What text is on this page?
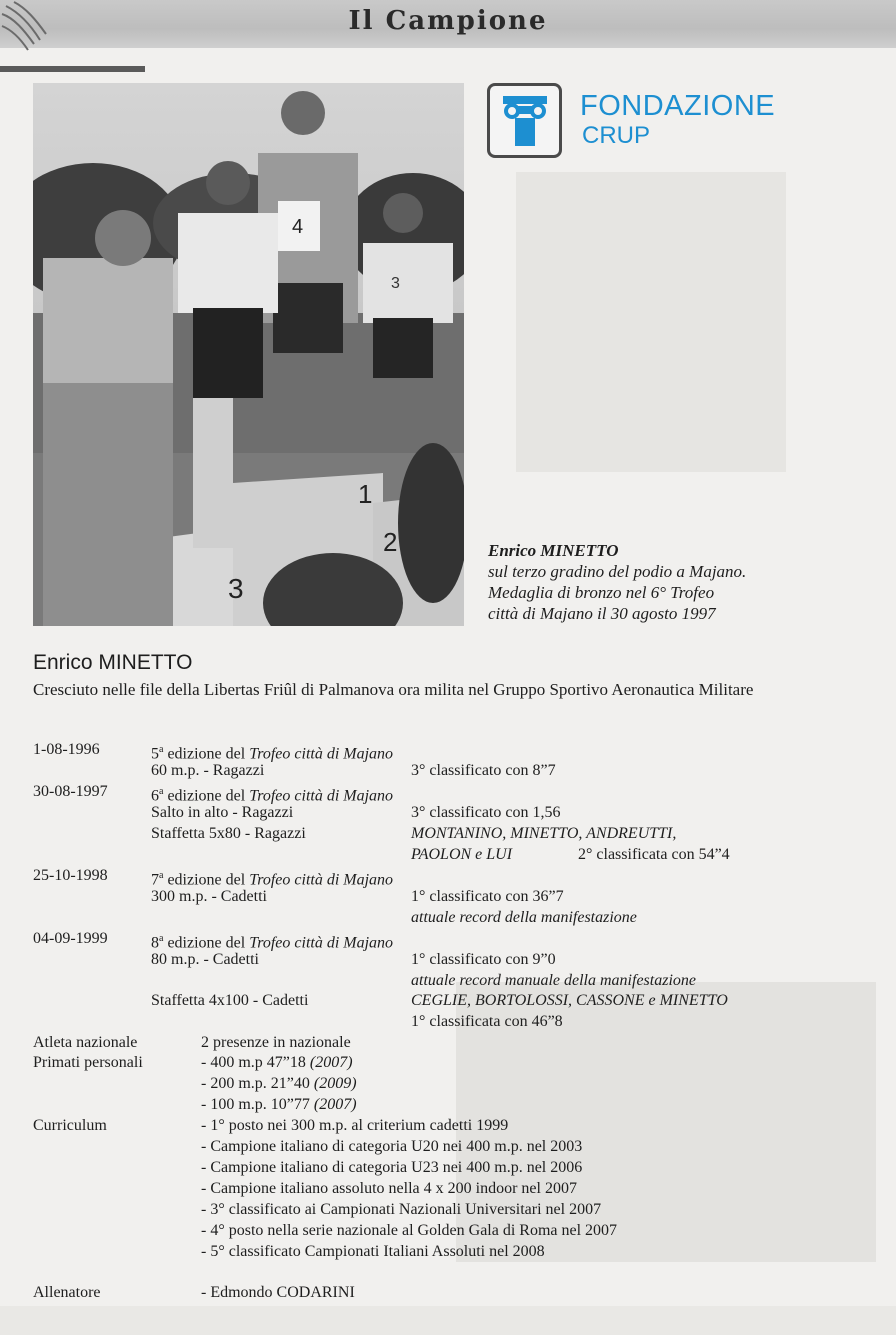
Il Campione
1
2
3
4
3
FONDAZIONE
CRUP
Enrico MINETTO
sul terzo gradino del podio a Majano.
Medaglia di bronzo nel 6° Trofeo
città di Majano il 30 agosto 1997
Enrico MINETTO
Cresciuto nelle file della Libertas Friûl di Palmanova ora milita nel Gruppo Sportivo Aeronautica Militare
1-08-1996	5$^a$ edizione del Trofeo città di Majano
60 m.p. - Ragazzi	3° classificato con 8”7
30-08-1997	6$^a$ edizione del Trofeo città di Majano
Salto in alto - Ragazzi	3° classificato con 1,56
Staffetta 5x80 - Ragazzi	MONTANINO, MINETTO, ANDREUTTI,
PAOLON e LUI	2° classificata con 54”4
25-10-1998	7$^a$ edizione del Trofeo città di Majano
300 m.p. - Cadetti	1° classificato con 36”7
attuale record della manifestazione
04-09-1999	8$^a$ edizione del Trofeo città di Majano
80 m.p. - Cadetti	1° classificato con 9”0
attuale record manuale della manifestazione
Staffetta 4x100 - Cadetti	CEGLIE, BORTOLOSSI, CASSONE e MINETTO
1° classificata con 46”8
Atleta nazionale	2 presenze in nazionale
Primati personali	- 400 m.p 47”18 (2007)
- 200 m.p. 21”40 (2009)
- 100 m.p. 10”77 (2007)
Curriculum	- 1° posto nei 300 m.p. al criterium cadetti 1999
- Campione italiano di categoria U20 nei 400 m.p. nel 2003
- Campione italiano di categoria U23 nei 400 m.p. nel 2006
- Campione italiano assoluto nella 4 x 200 indoor nel 2007
- 3° classificato ai Campionati Nazionali Universitari nel 2007
- 4° posto nella serie nazionale al Golden Gala di Roma nel 2007
- 5° classificato Campionati Italiani Assoluti nel 2008
Allenatore	- Edmondo CODARINI
